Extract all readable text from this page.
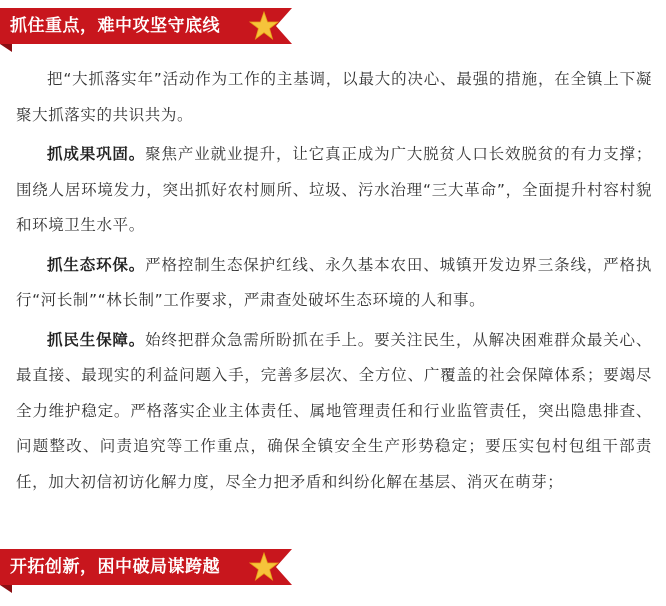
抓住重点，难中攻坚守底线

把“大抓落实年”活动作为工作的主基调，以最大的决心、最强的措施，在全镇上下凝聚大抓落实的共识共为。

抓成果巩固。聚焦产业就业提升，让它真正成为广大脱贫人口长效脱贫的有力支撑；围绕人居环境发力，突出抓好农村厕所、垃圾、污水治理“三大革命”，全面提升村容村貌和环境卫生水平。

抓生态环保。严格控制生态保护红线、永久基本农田、城镇开发边界三条线，严格执行“河长制”“林长制”工作要求，严肃查处破坏生态环境的人和事。

抓民生保障。始终把群众急需所盼抓在手上。要关注民生，从解决困难群众最关心、最直接、最现实的利益问题入手，完善多层次、全方位、广覆盖的社会保障体系；要竭尽全力维护稳定。严格落实企业主体责任、属地管理责任和行业监管责任，突出隐患排查、问题整改、问责追究等工作重点，确保全镇安全生产形势稳定；要压实包村包组干部责任，加大初信初访化解力度，尽全力把矛盾和纠纷化解在基层、消灭在萌芽；

开拓创新，困中破局谋跨越
